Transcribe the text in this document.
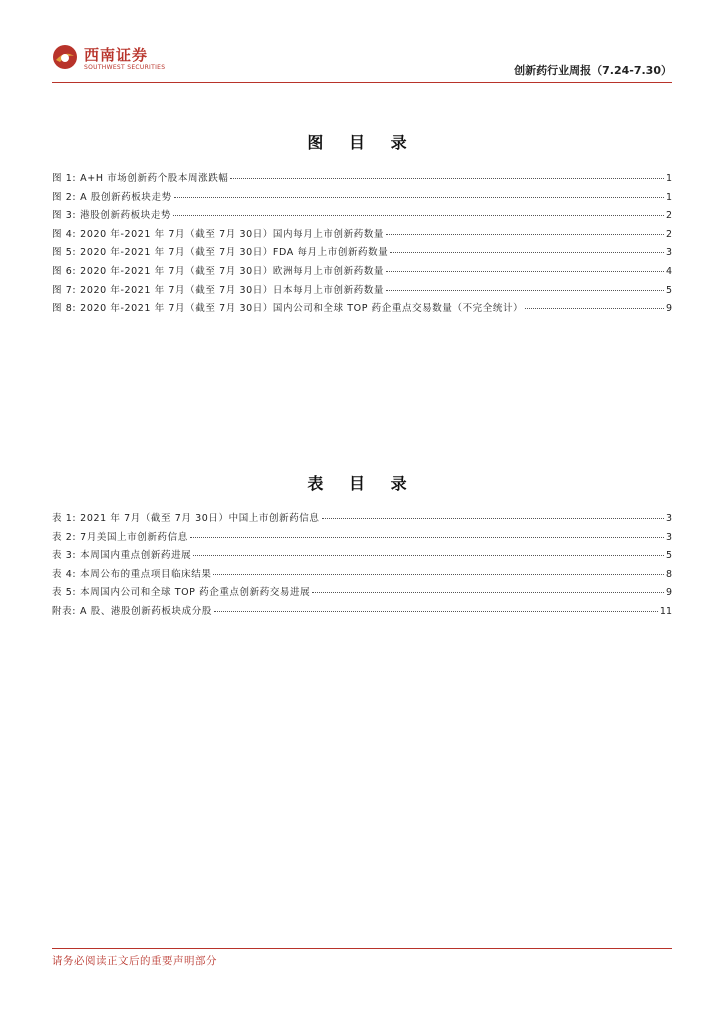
西南证券
SOUTHWEST SECURITIES	创新药行业周报（7.24-7.30）
图 目 录
图 1: A+H 市场创新药个股本周涨跌幅	1
图 2: A 股创新药板块走势	1
图 3: 港股创新药板块走势	2
图 4: 2020 年-2021 年 7月（截至 7月 30日）国内每月上市创新药数量	2
图 5: 2020 年-2021 年 7月（截至 7月 30日）FDA 每月上市创新药数量	3
图 6: 2020 年-2021 年 7月（截至 7月 30日）欧洲每月上市创新药数量	4
图 7: 2020 年-2021 年 7月（截至 7月 30日）日本每月上市创新药数量	5
图 8: 2020 年-2021 年 7月（截至 7月 30日）国内公司和全球 TOP 药企重点交易数量（不完全统计）	9
表 目 录
表 1: 2021 年 7月（截至 7月 30日）中国上市创新药信息	3
表 2: 7月美国上市创新药信息	3
表 3: 本周国内重点创新药进展	5
表 4: 本周公布的重点项目临床结果	8
表 5: 本周国内公司和全球 TOP 药企重点创新药交易进展	9
附表: A 股、港股创新药板块成分股	11
请务必阅读正文后的重要声明部分
